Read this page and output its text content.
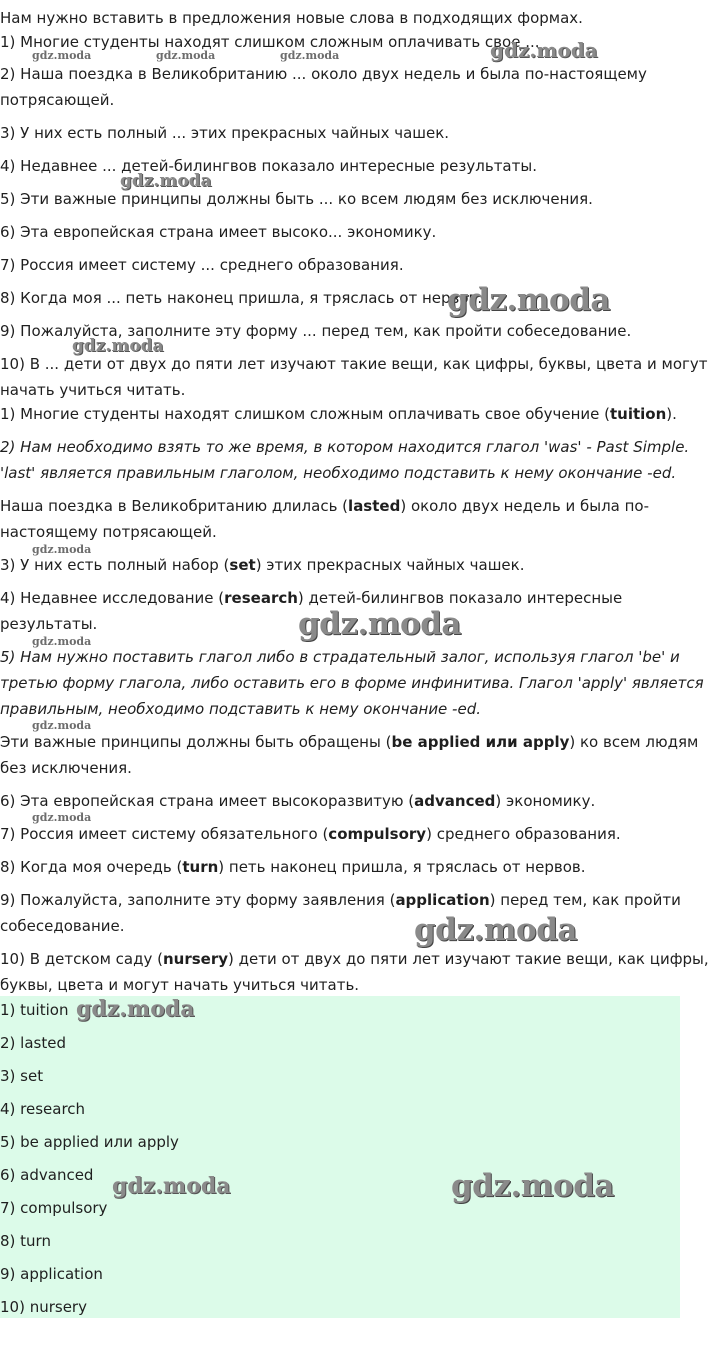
Нам нужно вставить в предложения новые слова в подходящих формах.
1) Многие студенты находят слишком сложным оплачивать свое ...
2) Наша поездка в Великобританию ... около двух недель и была по-настоящему
потрясающей.
3) У них есть полный ... этих прекрасных чайных чашек.
4) Недавнее ... детей-билингвов показало интересные результаты.
5) Эти важные принципы должны быть ... ко всем людям без исключения.
6) Эта европейская страна имеет высоко... экономику.
7) Россия имеет систему ... среднего образования.
8) Когда моя ... петь наконец пришла, я тряслась от нервов.
9) Пожалуйста, заполните эту форму ... перед тем, как пройти собеседование.
10) В ... дети от двух до пяти лет изучают такие вещи, как цифры, буквы, цвета и могут
начать учиться читать.
1) Многие студенты находят слишком сложным оплачивать свое обучение (tuition).
2) Нам необходимо взять то же время, в котором находится глагол 'was' - Past Simple.
'last' является правильным глаголом, необходимо подставить к нему окончание -ed.
Наша поездка в Великобританию длилась (lasted) около двух недель и была по-
настоящему потрясающей.
3) У них есть полный набор (set) этих прекрасных чайных чашек.
4) Недавнее исследование (research) детей-билингвов показало интересные
результаты.
5) Нам нужно поставить глагол либо в страдательный залог, используя глагол 'be' и
третью форму глагола, либо оставить его в форме инфинитива. Глагол 'apply' является
правильным, необходимо подставить к нему окончание -ed.
Эти важные принципы должны быть обращены (be applied или apply) ко всем людям
без исключения.
6) Эта европейская страна имеет высокоразвитую (advanced) экономику.
7) Россия имеет систему обязательного (compulsory) среднего образования.
8) Когда моя очередь (turn) петь наконец пришла, я тряслась от нервов.
9) Пожалуйста, заполните эту форму заявления (application) перед тем, как пройти
собеседование.
10) В детском саду (nursery) дети от двух до пяти лет изучают такие вещи, как цифры,
буквы, цвета и могут начать учиться читать.
1) tuition
2) lasted
3) set
4) research
5) be applied или apply
6) advanced
7) compulsory
8) turn
9) application
10) nursery
gdz.moda	gdz.moda	gdz.moda	gdz.moda
gdz.moda
gdz.moda
gdz.moda
gdz.moda
gdz.moda
gdz.moda
gdz.moda
gdz.moda
gdz.moda
gdz.moda
gdz.moda	gdz.moda
